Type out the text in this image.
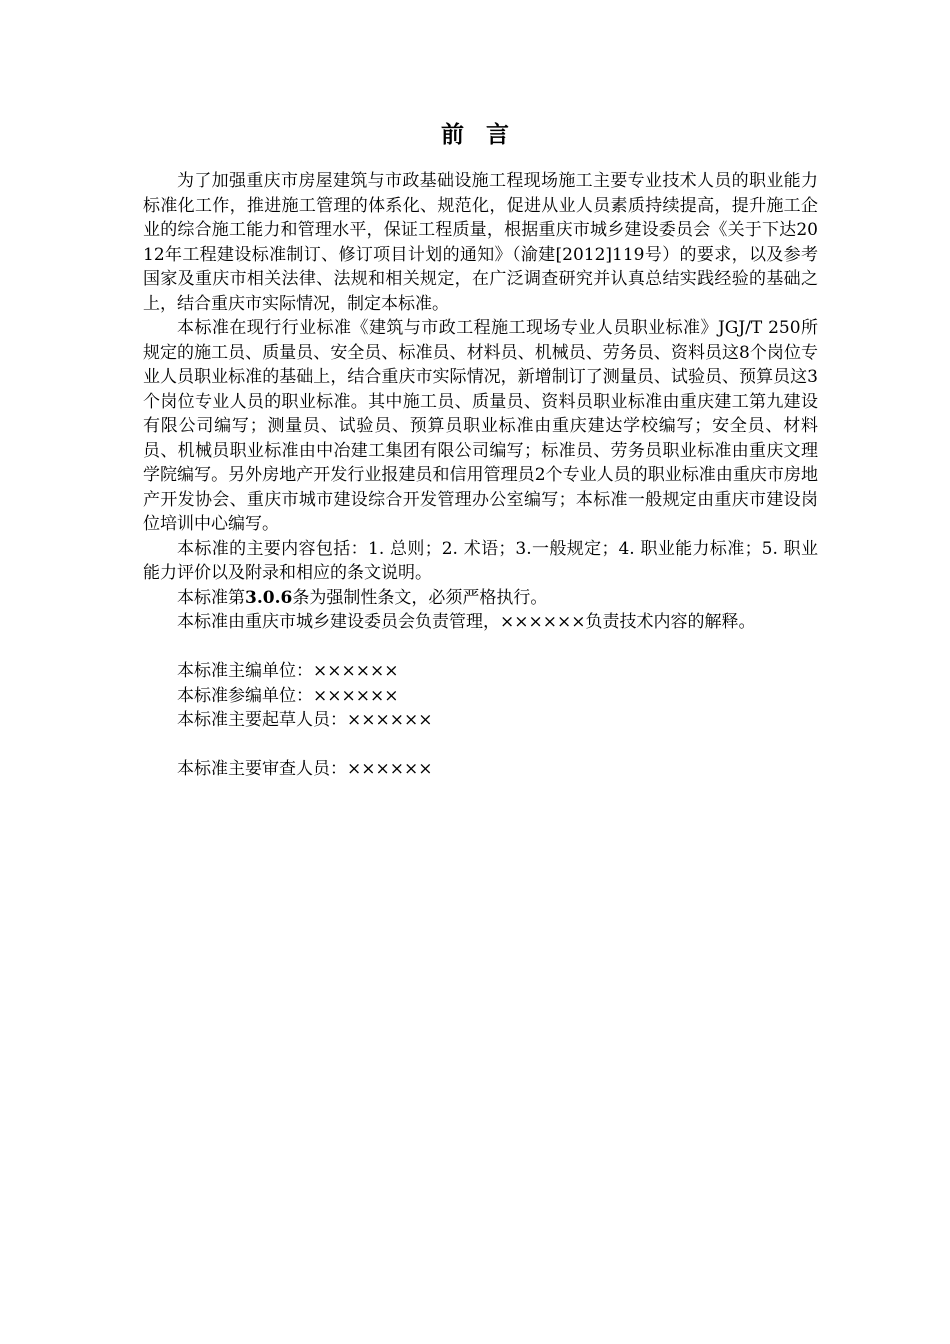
前言

为了加强重庆市房屋建筑与市政基础设施工程现场施工主要专业技术人员的职业能力标准化工作，推进施工管理的体系化、规范化，促进从业人员素质持续提高，提升施工企业的综合施工能力和管理水平，保证工程质量，根据重庆市城乡建设委员会《关于下达2012年工程建设标准制订、修订项目计划的通知》（渝建[2012]119号）的要求，以及参考国家及重庆市相关法律、法规和相关规定，在广泛调查研究并认真总结实践经验的基础之上，结合重庆市实际情况，制定本标准。

本标准在现行行业标准《建筑与市政工程施工现场专业人员职业标准》JGJ/T 250所规定的施工员、质量员、安全员、标准员、材料员、机械员、劳务员、资料员这8个岗位专业人员职业标准的基础上，结合重庆市实际情况，新增制订了测量员、试验员、预算员这3个岗位专业人员的职业标准。其中施工员、质量员、资料员职业标准由重庆建工第九建设有限公司编写；测量员、试验员、预算员职业标准由重庆建达学校编写；安全员、材料员、机械员职业标准由中冶建工集团有限公司编写；标准员、劳务员职业标准由重庆文理学院编写。另外房地产开发行业报建员和信用管理员2个专业人员的职业标准由重庆市房地产开发协会、重庆市城市建设综合开发管理办公室编写；本标准一般规定由重庆市建设岗位培训中心编写。

本标准的主要内容包括：1. 总则；2. 术语；3.一般规定；4. 职业能力标准；5. 职业能力评价以及附录和相应的条文说明。

本标准第3.0.6条为强制性条文，必须严格执行。

本标准由重庆市城乡建设委员会负责管理，××××××负责技术内容的解释。

本标准主编单位：××××××

本标准参编单位：××××××

本标准主要起草人员：××××××

本标准主要审查人员：××××××
